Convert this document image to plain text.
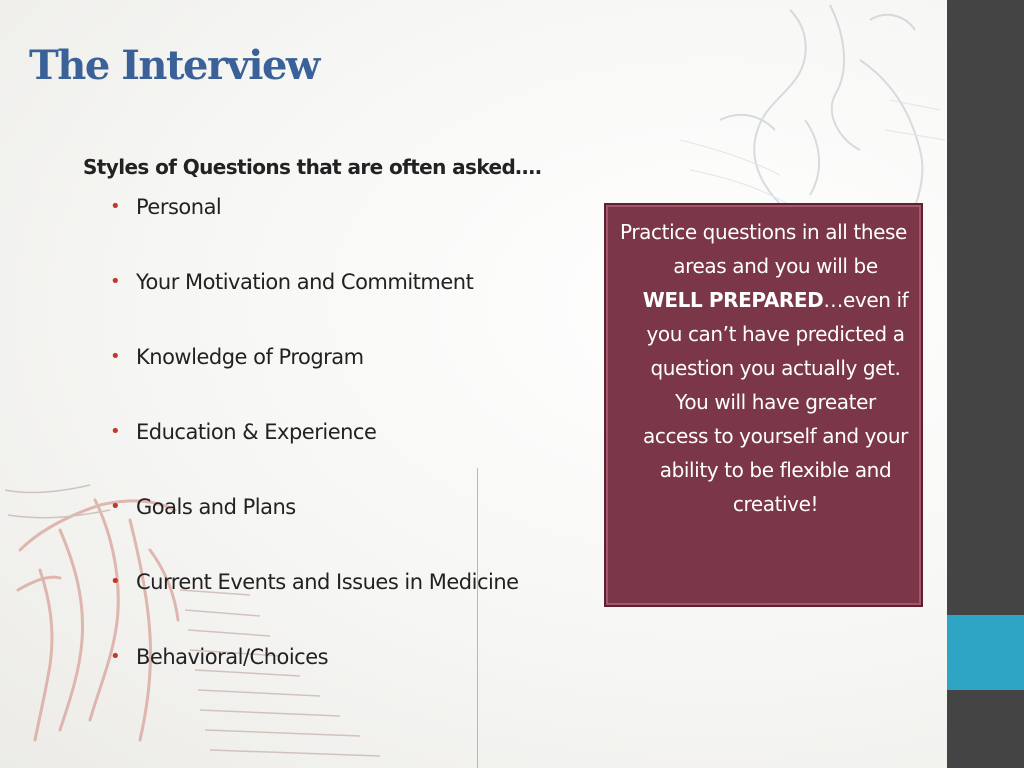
The Interview
Styles of Questions that are often asked….
• Personal
• Your Motivation and Commitment
• Knowledge of Program
• Education & Experience
• Goals and Plans
• Current Events and Issues in Medicine
• Behavioral/Choices

Practice questions in all these areas and you will be WELL PREPARED…even if you can’t have predicted a question you actually get. You will have greater access to yourself and your ability to be flexible and creative!
